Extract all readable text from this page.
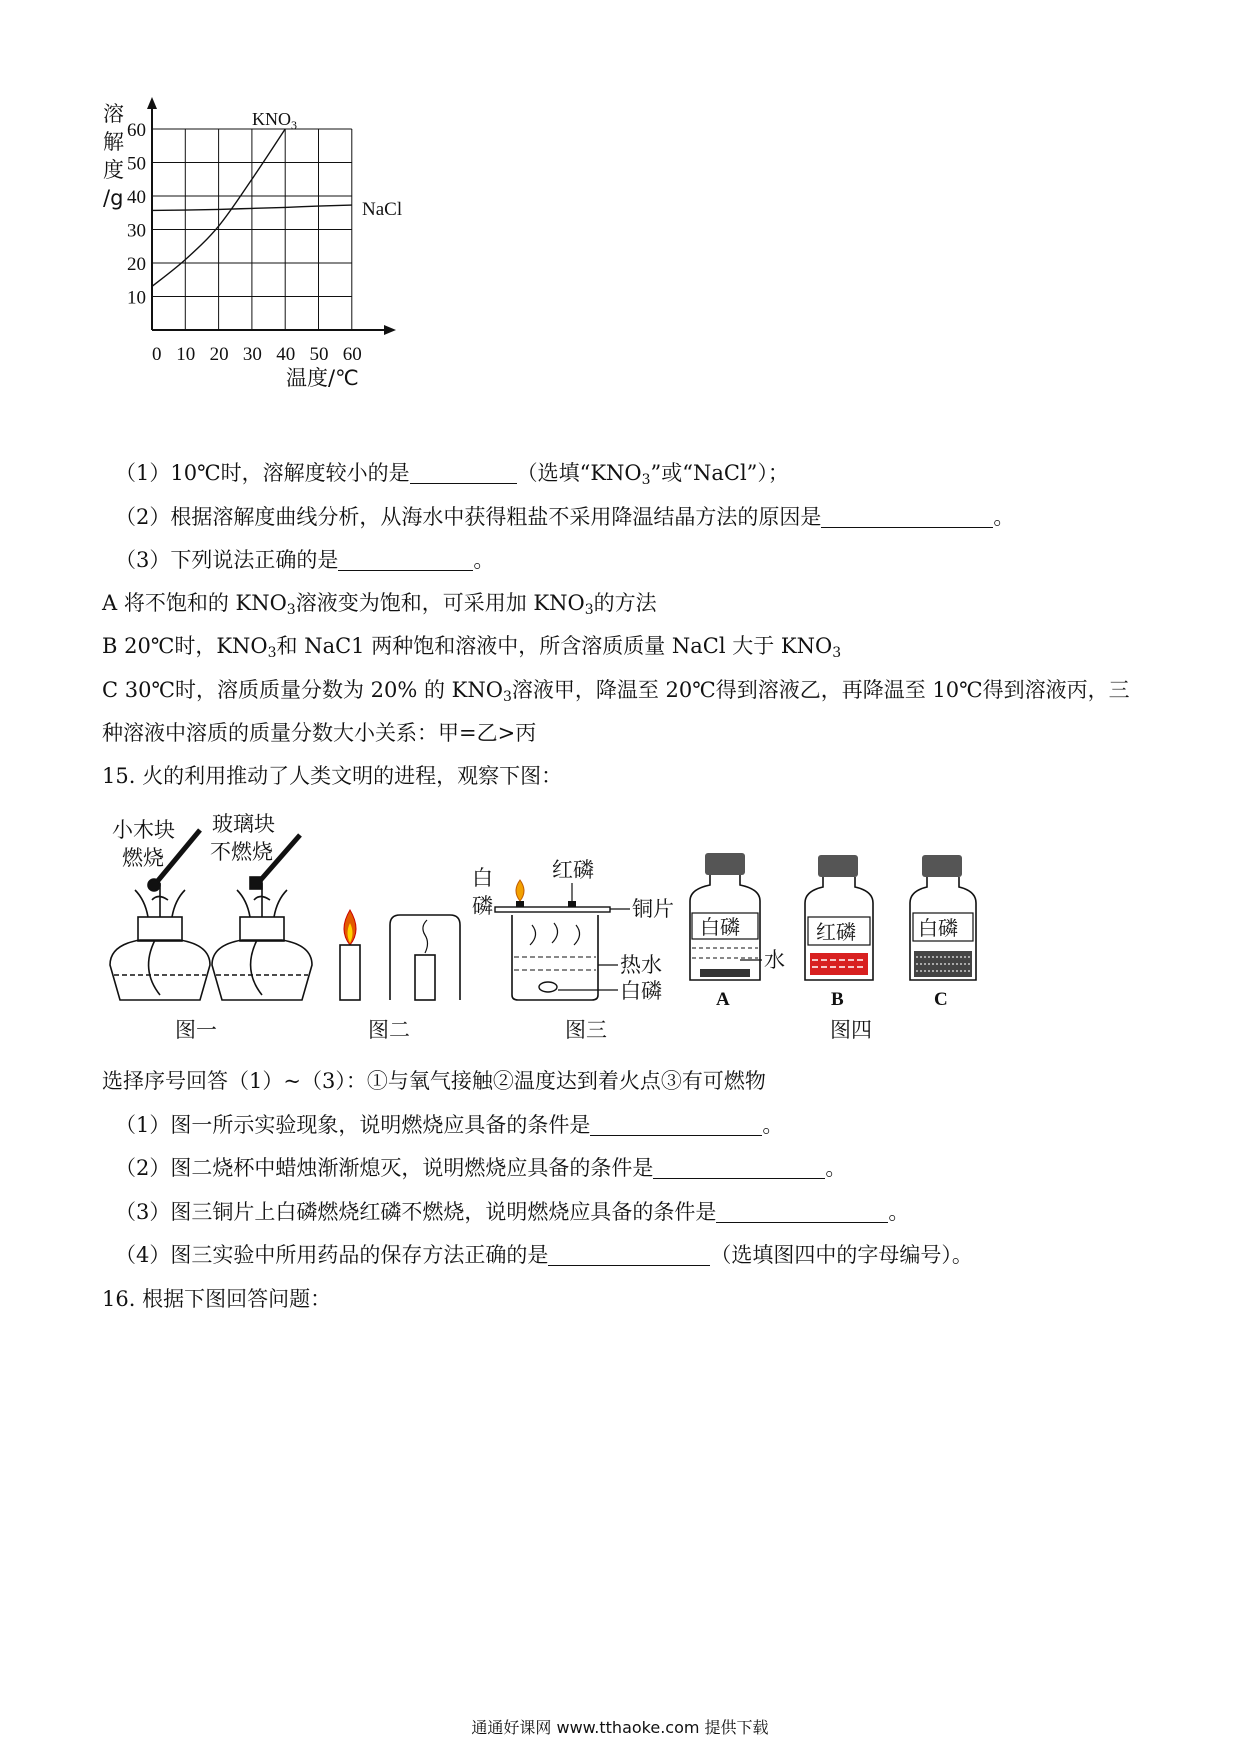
溶解度/g
10
20
30
40
50
60
0 10 20 30 40 50 60
$KNO_3$
NaCl
温度/℃
（1）10℃时，溶解度较小的是	（选填“$KNO_3$”或“NaCl”）；
（2）根据溶解度曲线分析，从海水中获得粗盐不采用降温结晶方法的原因是	。
（3）下列说法正确的是	。
A 将不饱和的 $KNO_3$溶液变为饱和，可采用加 $KNO_3$的方法
B 20℃时，$KNO_3$和 NaC1 两种饱和溶液中，所含溶质质量 NaCl 大于 $KNO_3$
C 30℃时，溶质质量分数为 20% 的 $KNO_3$溶液甲，降温至 20℃得到溶液乙，再降温至 10℃得到溶液丙，三
种溶液中溶质的质量分数大小关系：甲=乙>丙
15. 火的利用推动了人类文明的进程，观察下图：
小木块
燃烧
玻璃块
不燃烧
图一	图二
白
磷
红磷
铜片
热水
白磷
图三
白磷
水
红磷	白磷
A	B	C
图四
选择序号回答（1）~（3）：①与氧气接触②温度达到着火点③有可燃物
（1）图一所示实验现象，说明燃烧应具备的条件是	。
（2）图二烧杯中蜡烛渐渐熄灭，说明燃烧应具备的条件是	。
（3）图三铜片上白磷燃烧红磷不燃烧，说明燃烧应具备的条件是	。
（4）图三实验中所用药品的保存方法正确的是	（选填图四中的字母编号）。
16. 根据下图回答问题：
通通好课网 www.tthaoke.com 提供下载
